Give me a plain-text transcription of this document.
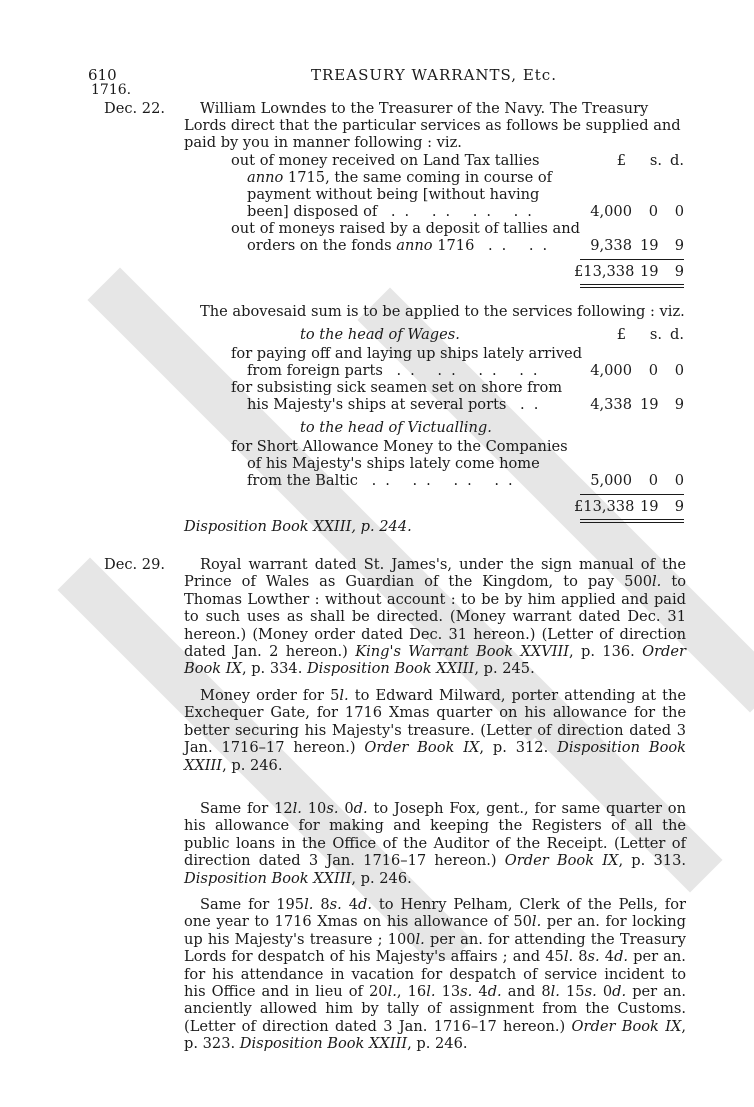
610	TREASURY WARRANTS, Etc.
1716.
Dec. 22. William Lowndes to the Treasurer of the Navy. The Treasury
Lords direct that the particular services as follows be supplied and
paid by you in manner following : viz.
£	s. d.
out of money received on Land Tax tallies
anno 1715, the same coming in course of
payment without being [without having
been] disposed of .. .. .. ..	4,000	0 0
out of moneys raised by a deposit of tallies and
orders on the fonds anno 1716 .. ..	9,338 19 9
£13,338 19 9
The abovesaid sum is to be applied to the services following : viz.
to the head of Wages.	£	s. d.
for paying off and laying up ships lately arrived
from foreign parts .. .. .. ..	4,000	0 0
for subsisting sick seamen set on shore from
his Majesty's ships at several ports ..	4,338 19 9
to the head of Victualling.
for Short Allowance Money to the Companies
of his Majesty's ships lately come home
from the Baltic .. .. .. ..	5,000	0 0
£13,338 19 9
Disposition Book XXIII, p. 244.
Dec. 29.	Royal warrant dated St. James's, under the sign manual of the Prince of Wales as Guardian of the Kingdom, to pay 500l. to Thomas Lowther : without account : to be by him applied and paid to such uses as shall be directed. (Money warrant dated Dec. 31 hereon.) (Money order dated Dec. 31 hereon.) (Letter of direction dated Jan. 2 hereon.) King's Warrant Book XXVIII, p. 136. Order Book IX, p. 334. Disposition Book XXIII, p. 245.
Money order for 5l. to Edward Milward, porter attending at the Exchequer Gate, for 1716 Xmas quarter on his allowance for the better securing his Majesty's treasure. (Letter of direction dated 3 Jan. 1716–17 hereon.) Order Book IX, p. 312. Disposition Book XXIII, p. 246.
Same for 12l. 10s. 0d. to Joseph Fox, gent., for same quarter on his allowance for making and keeping the Registers of all the public loans in the Office of the Auditor of the Receipt. (Letter of direction dated 3 Jan. 1716–17 hereon.) Order Book IX, p. 313. Disposition Book XXIII, p. 246.
Same for 195l. 8s. 4d. to Henry Pelham, Clerk of the Pells, for one year to 1716 Xmas on his allowance of 50l. per an. for locking up his Majesty's treasure ; 100l. per an. for attending the Treasury Lords for despatch of his Majesty's affairs ; and 45l. 8s. 4d. per an. for his attendance in vacation for despatch of service incident to his Office and in lieu of 20l., 16l. 13s. 4d. and 8l. 15s. 0d. per an. anciently allowed him by tally of assignment from the Customs. (Letter of direction dated 3 Jan. 1716–17 hereon.) Order Book IX, p. 323. Disposition Book XXIII, p. 246.
